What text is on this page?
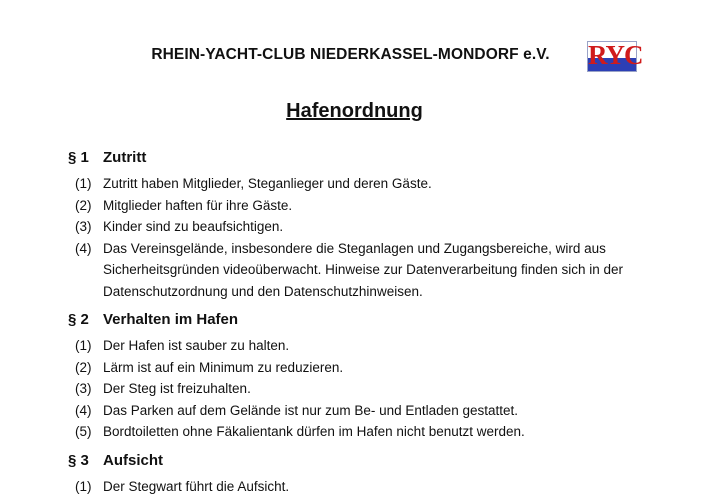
RHEIN-YACHT-CLUB NIEDERKASSEL-MONDORF e.V.	RYC
Hafenordnung
§ 1 Zutritt
(1) Zutritt haben Mitglieder, Steganlieger und deren Gäste.
(2) Mitglieder haften für ihre Gäste.
(3) Kinder sind zu beaufsichtigen.
(4) Das Vereinsgelände, insbesondere die Steganlagen und Zugangsbereiche, wird aus Sicherheitsgründen videoüberwacht. Hinweise zur Datenverarbeitung finden sich in der Datenschutzordnung und den Datenschutzhinweisen.
§ 2 Verhalten im Hafen
(1) Der Hafen ist sauber zu halten.
(2) Lärm ist auf ein Minimum zu reduzieren.
(3) Der Steg ist freizuhalten.
(4) Das Parken auf dem Gelände ist nur zum Be- und Entladen gestattet.
(5) Bordtoiletten ohne Fäkalientank dürfen im Hafen nicht benutzt werden.
§ 3 Aufsicht
(1) Der Stegwart führt die Aufsicht.
